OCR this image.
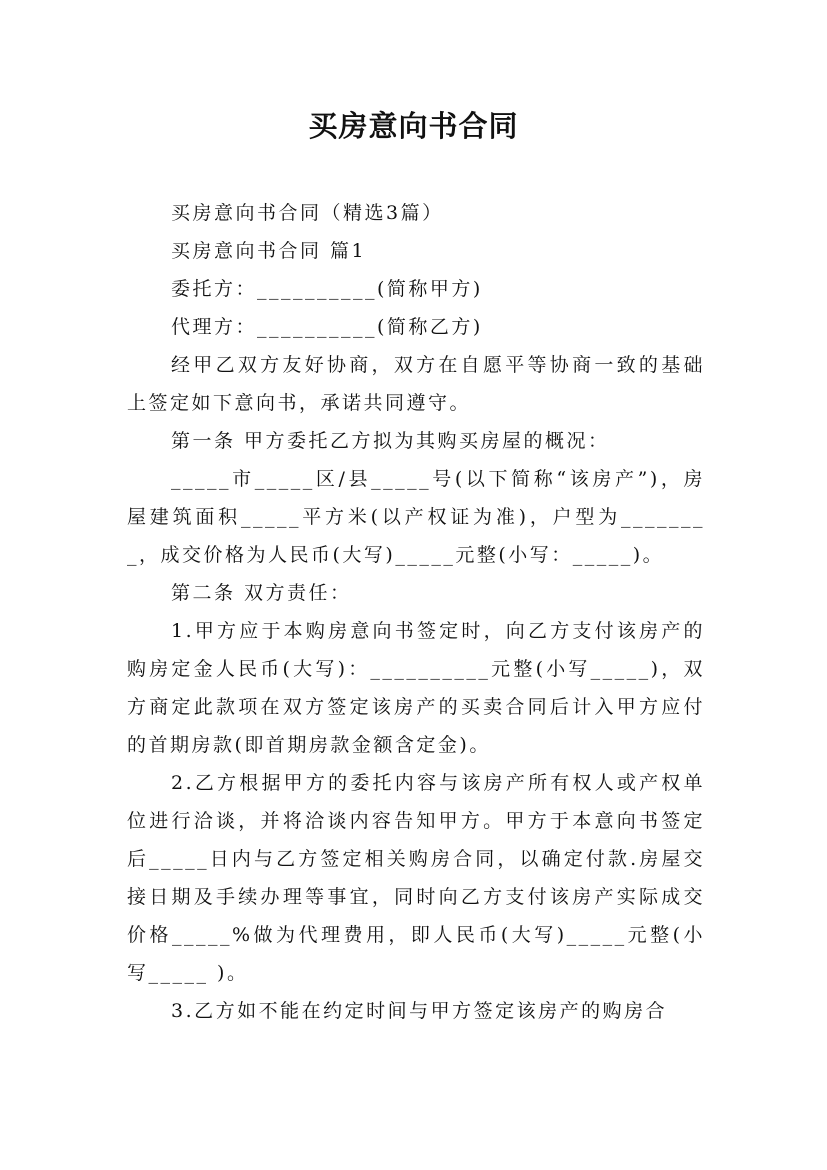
买房意向书合同

买房意向书合同（精选3篇）

买房意向书合同 篇1

委托方：__________(简称甲方)

代理方：__________(简称乙方)

经甲乙双方友好协商，双方在自愿平等协商一致的基础上签定如下意向书，承诺共同遵守。

第一条 甲方委托乙方拟为其购买房屋的概况：

_____市_____区/县_____号(以下简称“该房产”)，房屋建筑面积_____平方米(以产权证为准)，户型为________，成交价格为人民币(大写)_____元整(小写：_____)。

第二条 双方责任：

1.甲方应于本购房意向书签定时，向乙方支付该房产的购房定金人民币(大写)：__________元整(小写_____)，双方商定此款项在双方签定该房产的买卖合同后计入甲方应付的首期房款(即首期房款金额含定金)。

2.乙方根据甲方的委托内容与该房产所有权人或产权单位进行洽谈，并将洽谈内容告知甲方。甲方于本意向书签定后_____日内与乙方签定相关购房合同，以确定付款.房屋交接日期及手续办理等事宜，同时向乙方支付该房产实际成交价格_____%做为代理费用，即人民币(大写)_____元整(小写_____ )。

3.乙方如不能在约定时间与甲方签定该房产的购房合
